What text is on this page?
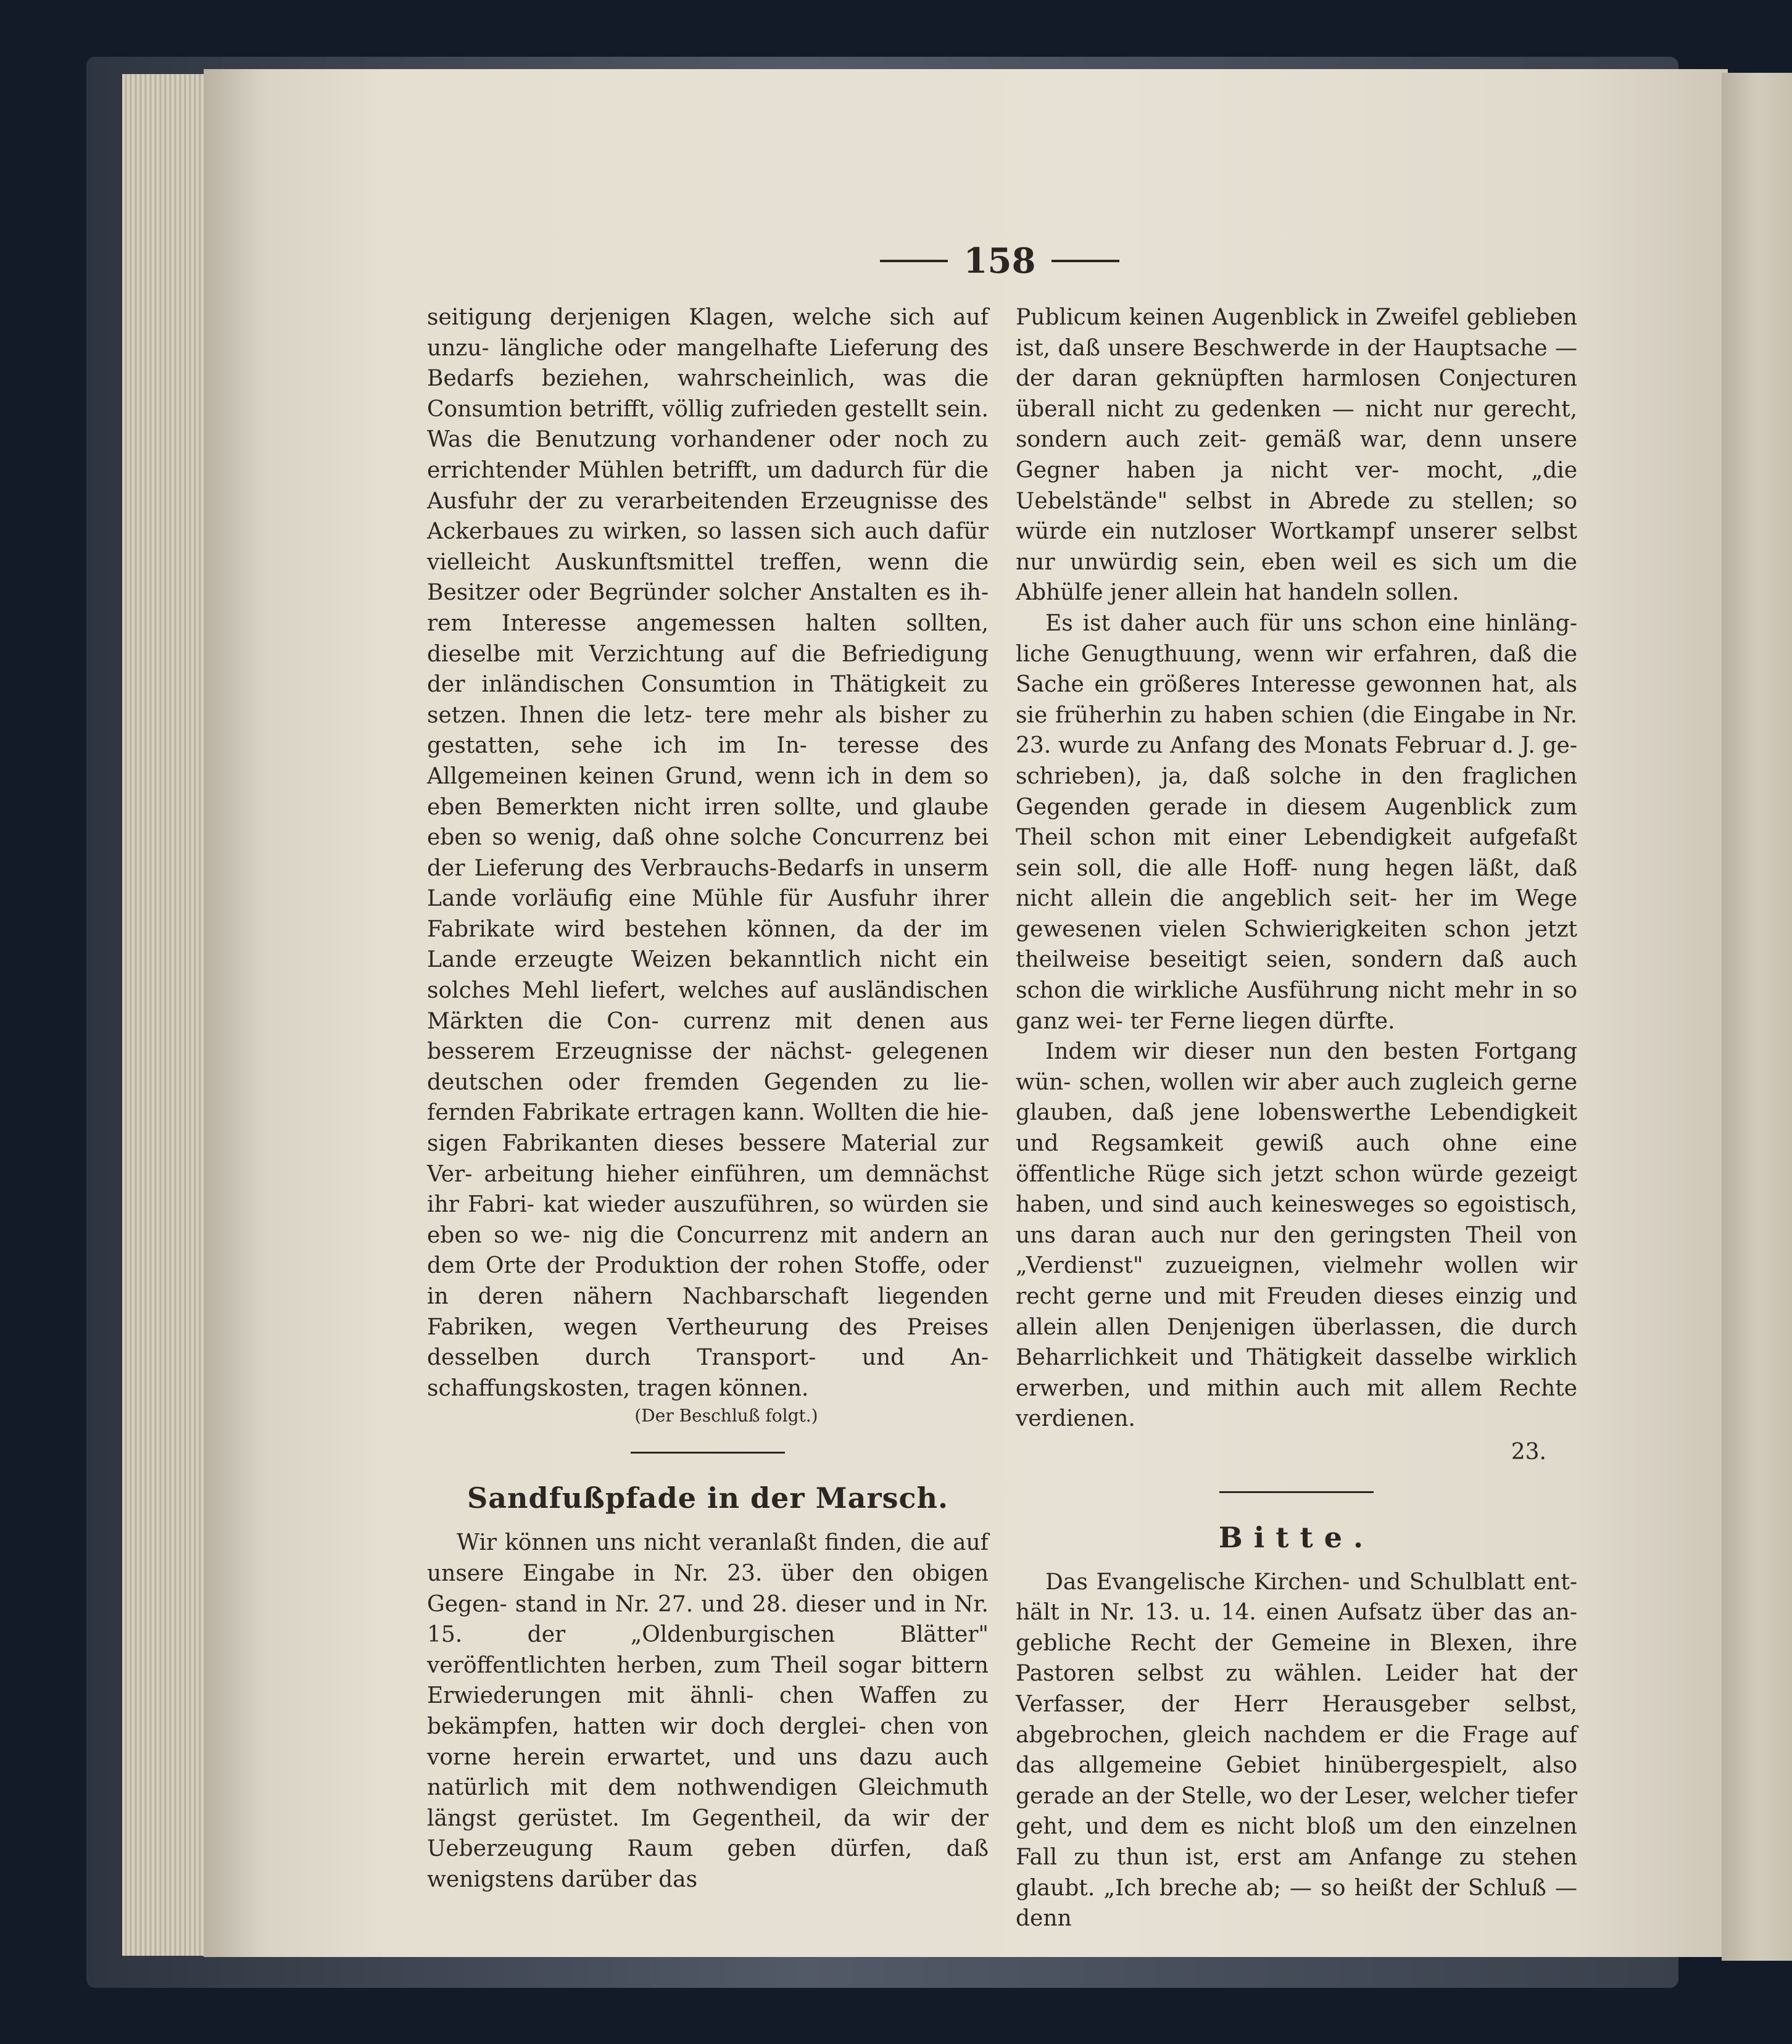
158

seitigung derjenigen Klagen, welche sich auf unzu- längliche oder mangelhafte Lieferung des Bedarfs beziehen, wahrscheinlich, was die Consumtion betrifft, völlig zufrieden gestellt sein. Was die Benutzung vorhandener oder noch zu errichtender Mühlen betrifft, um dadurch für die Ausfuhr der zu verarbeitenden Erzeugnisse des Ackerbaues zu wirken, so lassen sich auch dafür vielleicht Auskunftsmittel treffen, wenn die Besitzer oder Begründer solcher Anstalten es ih- rem Interesse angemessen halten sollten, dieselbe mit Verzichtung auf die Befriedigung der inländischen Consumtion in Thätigkeit zu setzen. Ihnen die letz- tere mehr als bisher zu gestatten, sehe ich im In- teresse des Allgemeinen keinen Grund, wenn ich in dem so eben Bemerkten nicht irren sollte, und glaube eben so wenig, daß ohne solche Concurrenz bei der Lieferung des Verbrauchs-Bedarfs in unserm Lande vorläufig eine Mühle für Ausfuhr ihrer Fabrikate wird bestehen können, da der im Lande erzeugte Weizen bekanntlich nicht ein solches Mehl liefert, welches auf ausländischen Märkten die Con- currenz mit denen aus besserem Erzeugnisse der nächst- gelegenen deutschen oder fremden Gegenden zu lie- fernden Fabrikate ertragen kann. Wollten die hie- sigen Fabrikanten dieses bessere Material zur Ver- arbeitung hieher einführen, um demnächst ihr Fabri- kat wieder auszuführen, so würden sie eben so we- nig die Concurrenz mit andern an dem Orte der Produktion der rohen Stoffe, oder in deren nähern Nachbarschaft liegenden Fabriken, wegen Vertheurung des Preises desselben durch Transport- und An- schaffungskosten, tragen können.

(Der Beschluß folgt.)

Sandfußpfade in der Marsch.

Wir können uns nicht veranlaßt finden, die auf unsere Eingabe in Nr. 23. über den obigen Gegen- stand in Nr. 27. und 28. dieser und in Nr. 15. der „Oldenburgischen Blätter" veröffentlichten herben, zum Theil sogar bittern Erwiederungen mit ähnli- chen Waffen zu bekämpfen, hatten wir doch derglei- chen von vorne herein erwartet, und uns dazu auch natürlich mit dem nothwendigen Gleichmuth längst gerüstet. Im Gegentheil, da wir der Ueberzeugung Raum geben dürfen, daß wenigstens darüber das

Publicum keinen Augenblick in Zweifel geblieben ist, daß unsere Beschwerde in der Hauptsache — der daran geknüpften harmlosen Conjecturen überall nicht zu gedenken — nicht nur gerecht, sondern auch zeit- gemäß war, denn unsere Gegner haben ja nicht ver- mocht, „die Uebelstände" selbst in Abrede zu stellen; so würde ein nutzloser Wortkampf unserer selbst nur unwürdig sein, eben weil es sich um die Abhülfe jener allein hat handeln sollen.

Es ist daher auch für uns schon eine hinläng- liche Genugthuung, wenn wir erfahren, daß die Sache ein größeres Interesse gewonnen hat, als sie früherhin zu haben schien (die Eingabe in Nr. 23. wurde zu Anfang des Monats Februar d. J. ge- schrieben), ja, daß solche in den fraglichen Gegenden gerade in diesem Augenblick zum Theil schon mit einer Lebendigkeit aufgefaßt sein soll, die alle Hoff- nung hegen läßt, daß nicht allein die angeblich seit- her im Wege gewesenen vielen Schwierigkeiten schon jetzt theilweise beseitigt seien, sondern daß auch schon die wirkliche Ausführung nicht mehr in so ganz wei- ter Ferne liegen dürfte.

Indem wir dieser nun den besten Fortgang wün- schen, wollen wir aber auch zugleich gerne glauben, daß jene lobenswerthe Lebendigkeit und Regsamkeit gewiß auch ohne eine öffentliche Rüge sich jetzt schon würde gezeigt haben, und sind auch keinesweges so egoistisch, uns daran auch nur den geringsten Theil von „Verdienst" zuzueignen, vielmehr wollen wir recht gerne und mit Freuden dieses einzig und allein allen Denjenigen überlassen, die durch Beharrlichkeit und Thätigkeit dasselbe wirklich erwerben, und mithin auch mit allem Rechte verdienen.

23.

Bitte.

Das Evangelische Kirchen- und Schulblatt ent- hält in Nr. 13. u. 14. einen Aufsatz über das an- gebliche Recht der Gemeine in Blexen, ihre Pastoren selbst zu wählen. Leider hat der Verfasser, der Herr Herausgeber selbst, abgebrochen, gleich nachdem er die Frage auf das allgemeine Gebiet hinübergespielt, also gerade an der Stelle, wo der Leser, welcher tiefer geht, und dem es nicht bloß um den einzelnen Fall zu thun ist, erst am Anfange zu stehen glaubt. „Ich breche ab; — so heißt der Schluß — denn
